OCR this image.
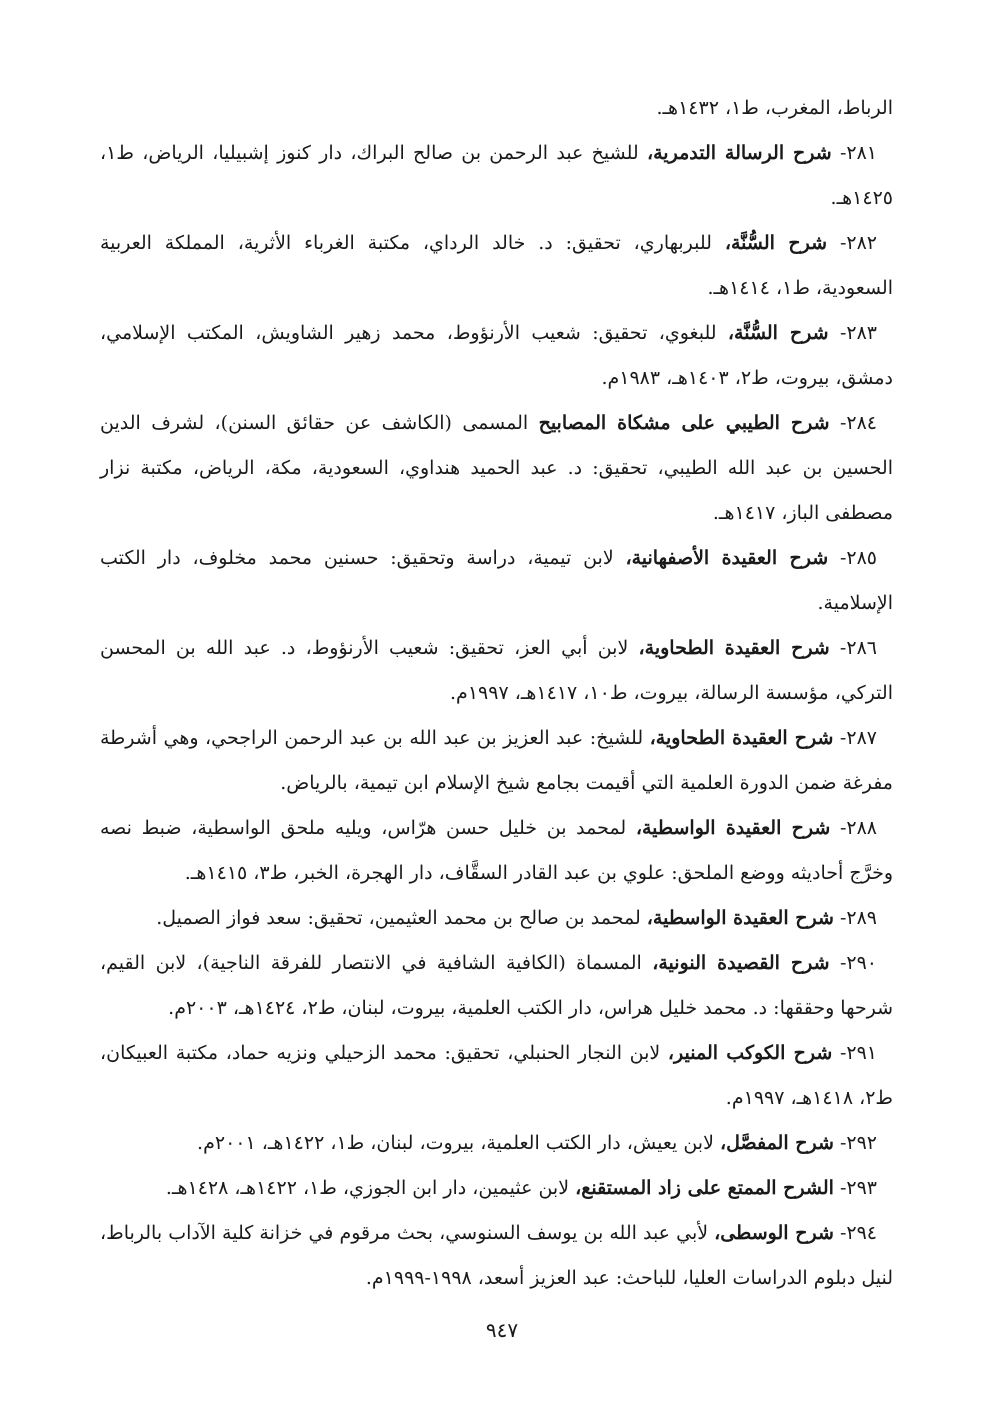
الرباط، المغرب، ط١، ١٤٣٢هـ.

٢٨١- شرح الرسالة التدمرية، للشيخ عبد الرحمن بن صالح البراك، دار كنوز إشبيليا، الرياض، ط١، ١٤٢٥هـ.

٢٨٢- شرح السُّنَّة، للبربهاري، تحقيق: د. خالد الرداي، مكتبة الغرباء الأثرية، المملكة العربية السعودية، ط١، ١٤١٤هـ.

٢٨٣- شرح السُّنَّة، للبغوي، تحقيق: شعيب الأرنؤوط، محمد زهير الشاويش، المكتب الإسلامي، دمشق، بيروت، ط٢، ١٤٠٣هـ، ١٩٨٣م.

٢٨٤- شرح الطيبي على مشكاة المصابيح المسمى (الكاشف عن حقائق السنن)، لشرف الدين الحسين بن عبد الله الطيبي، تحقيق: د. عبد الحميد هنداوي، السعودية، مكة، الرياض، مكتبة نزار مصطفى الباز، ١٤١٧هـ.

٢٨٥- شرح العقيدة الأصفهانية، لابن تيمية، دراسة وتحقيق: حسنين محمد مخلوف، دار الكتب الإسلامية.

٢٨٦- شرح العقيدة الطحاوية، لابن أبي العز، تحقيق: شعيب الأرنؤوط، د. عبد الله بن المحسن التركي، مؤسسة الرسالة، بيروت، ط١٠، ١٤١٧هـ، ١٩٩٧م.

٢٨٧- شرح العقيدة الطحاوية، للشيخ: عبد العزيز بن عبد الله بن عبد الرحمن الراجحي، وهي أشرطة مفرغة ضمن الدورة العلمية التي أقيمت بجامع شيخ الإسلام ابن تيمية، بالرياض.

٢٨٨- شرح العقيدة الواسطية، لمحمد بن خليل حسن هرّاس، ويليه ملحق الواسطية، ضبط نصه وخرَّج أحاديثه ووضع الملحق: علوي بن عبد القادر السقَّاف، دار الهجرة، الخبر، ط٣، ١٤١٥هـ.

٢٨٩- شرح العقيدة الواسطية، لمحمد بن صالح بن محمد العثيمين، تحقيق: سعد فواز الصميل.

٢٩٠- شرح القصيدة النونية، المسماة (الكافية الشافية في الانتصار للفرقة الناجية)، لابن القيم، شرحها وحققها: د. محمد خليل هراس، دار الكتب العلمية، بيروت، لبنان، ط٢، ١٤٢٤هـ، ٢٠٠٣م.

٢٩١- شرح الكوكب المنير، لابن النجار الحنبلي، تحقيق: محمد الزحيلي ونزيه حماد، مكتبة العبيكان، ط٢، ١٤١٨هـ، ١٩٩٧م.

٢٩٢- شرح المفصَّل، لابن يعيش، دار الكتب العلمية، بيروت، لبنان، ط١، ١٤٢٢هـ، ٢٠٠١م.

٢٩٣- الشرح الممتع على زاد المستقنع، لابن عثيمين، دار ابن الجوزي، ط١، ١٤٢٢هـ، ١٤٢٨هـ.

٢٩٤- شرح الوسطى، لأبي عبد الله بن يوسف السنوسي، بحث مرقوم في خزانة كلية الآداب بالرباط، لنيل دبلوم الدراسات العليا، للباحث: عبد العزيز أسعد، ١٩٩٨-١٩٩٩م.

٩٤٧
